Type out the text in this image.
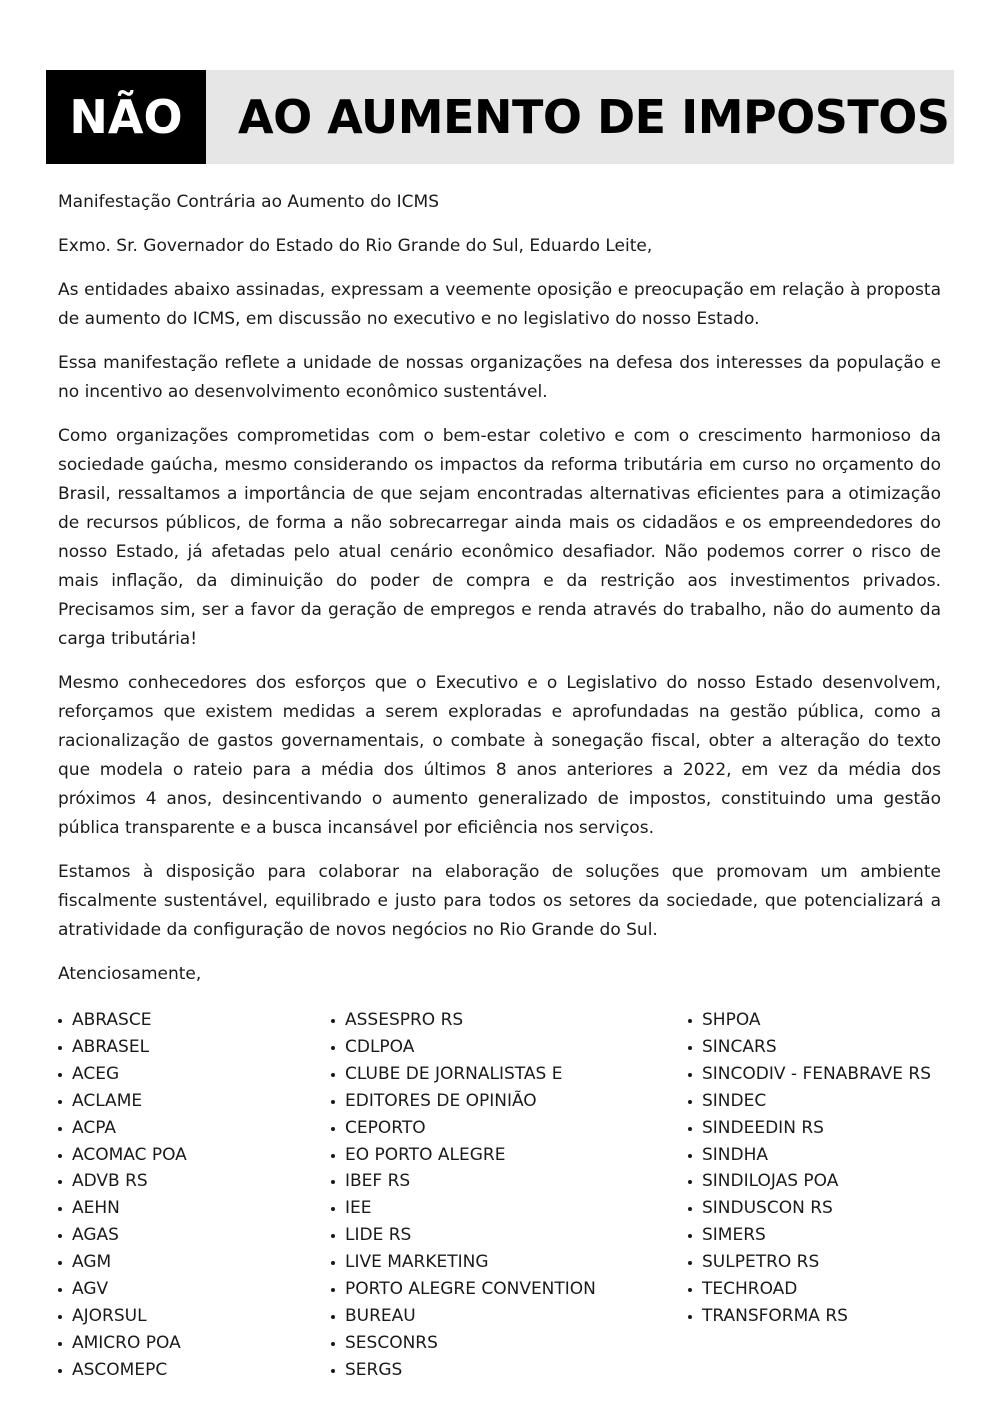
NÃO	AO AUMENTO DE IMPOSTOS

Manifestação Contrária ao Aumento do ICMS

Exmo. Sr. Governador do Estado do Rio Grande do Sul, Eduardo Leite,

As entidades abaixo assinadas, expressam a veemente oposição e preocupação em relação à proposta de aumento do ICMS, em discussão no executivo e no legislativo do nosso Estado.

Essa manifestação reflete a unidade de nossas organizações na defesa dos interesses da população e no incentivo ao desenvolvimento econômico sustentável.

Como organizações comprometidas com o bem-estar coletivo e com o crescimento harmonioso da sociedade gaúcha, mesmo considerando os impactos da reforma tributária em curso no orçamento do Brasil, ressaltamos a importância de que sejam encontradas alternativas eficientes para a otimização de recursos públicos, de forma a não sobrecarregar ainda mais os cidadãos e os empreendedores do nosso Estado, já afetadas pelo atual cenário econômico desafiador. Não podemos correr o risco de mais inflação, da diminuição do poder de compra e da restrição aos investimentos privados. Precisamos sim, ser a favor da geração de empregos e renda através do trabalho, não do aumento da carga tributária!

Mesmo conhecedores dos esforços que o Executivo e o Legislativo do nosso Estado desenvolvem, reforçamos que existem medidas a serem exploradas e aprofundadas na gestão pública, como a racionalização de gastos governamentais, o combate à sonegação fiscal, obter a alteração do texto que modela o rateio para a média dos últimos 8 anos anteriores a 2022, em vez da média dos próximos 4 anos, desincentivando o aumento generalizado de impostos, constituindo uma gestão pública transparente e a busca incansável por eficiência nos serviços.

Estamos à disposição para colaborar na elaboração de soluções que promovam um ambiente fiscalmente sustentável, equilibrado e justo para todos os setores da sociedade, que potencializará a atratividade da configuração de novos negócios no Rio Grande do Sul.

Atenciosamente,

ABRASCE
ABRASEL
ACEG
ACLAME
ACPA
ACOMAC POA
ADVB RS
AEHN
AGAS
AGM
AGV
AJORSUL
AMICRO POA
ASCOMEPC
ASSESPRO RS
CDLPOA
CLUBE DE JORNALISTAS E
EDITORES DE OPINIÃO
CEPORTO
EO PORTO ALEGRE
IBEF RS
IEE
LIDE RS
LIVE MARKETING
PORTO ALEGRE CONVENTION
BUREAU
SESCONRS
SERGS
SHPOA
SINCARS
SINCODIV - FENABRAVE RS
SINDEC
SINDEEDIN RS
SINDHA
SINDILOJAS POA
SINDUSCON RS
SIMERS
SULPETRO RS
TECHROAD
TRANSFORMA RS
